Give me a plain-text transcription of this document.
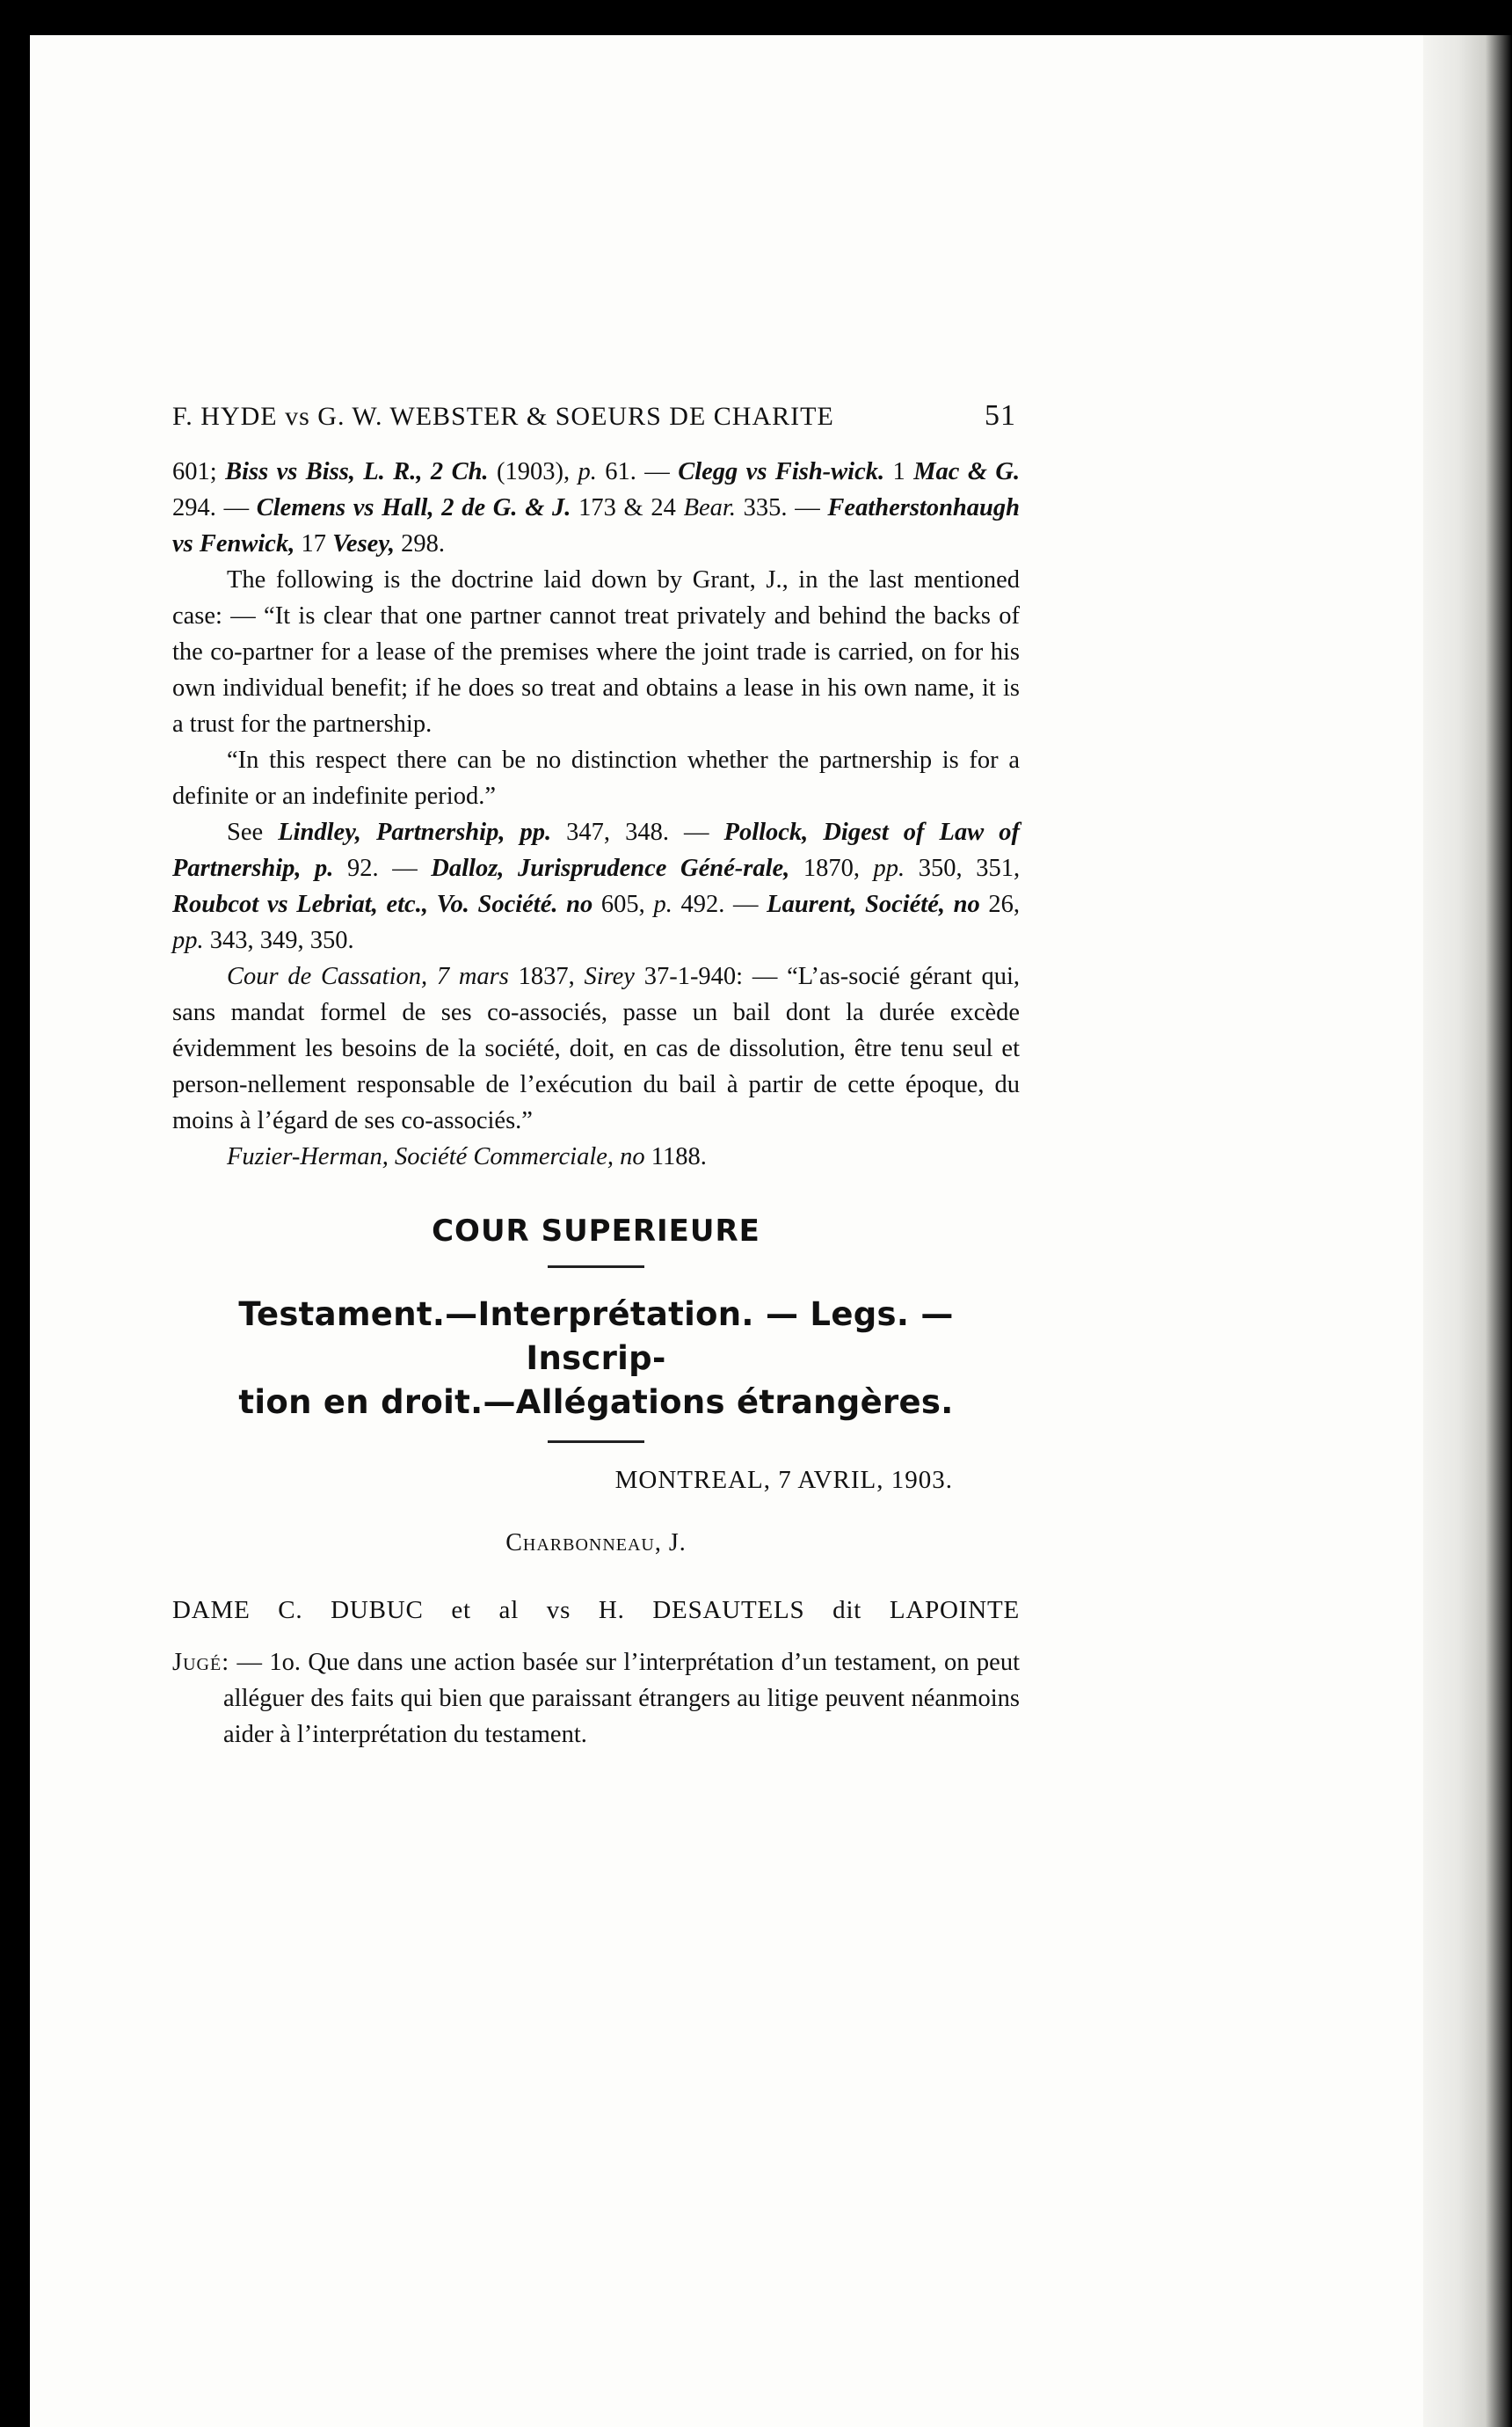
F. HYDE vs G. W. WEBSTER & SOEURS DE CHARITE	51

601; Biss vs Biss, L. R., 2 Ch. (1903), p. 61. — Clegg vs Fish-wick. 1 Mac & G. 294. — Clemens vs Hall, 2 de G. & J. 173 & 24 Bear. 335. — Featherstonhaugh vs Fenwick, 17 Vesey, 298.

The following is the doctrine laid down by Grant, J., in the last mentioned case: — “It is clear that one partner cannot treat privately and behind the backs of the co-partner for a lease of the premises where the joint trade is carried, on for his own individual benefit; if he does so treat and obtains a lease in his own name, it is a trust for the partnership.

“In this respect there can be no distinction whether the partnership is for a definite or an indefinite period.”

See Lindley, Partnership, pp. 347, 348. — Pollock, Digest of Law of Partnership, p. 92. — Dalloz, Jurisprudence Géné-rale, 1870, pp. 350, 351, Roubcot vs Lebriat, etc., Vo. Société. no 605, p. 492. — Laurent, Société, no 26, pp. 343, 349, 350.

Cour de Cassation, 7 mars 1837, Sirey 37-1-940: — “L’as-socié gérant qui, sans mandat formel de ses co-associés, passe un bail dont la durée excède évidemment les besoins de la société, doit, en cas de dissolution, être tenu seul et person-nellement responsable de l’exécution du bail à partir de cette époque, du moins à l’égard de ses co-associés.”

Fuzier-Herman, Société Commerciale, no 1188.

COUR SUPERIEURE
Testament.—Interprétation. — Legs. — Inscrip-
tion en droit.—Allégations étrangères.
MONTREAL, 7 AVRIL, 1903.
Charbonneau, J.
DAME C. DUBUC et al vs H. DESAUTELS dit LAPOINTE

Jugé: — 1o. Que dans une action basée sur l’interprétation d’un testament, on peut alléguer des faits qui bien que paraissant étrangers au litige peuvent néanmoins aider à l’interprétation du testament.
